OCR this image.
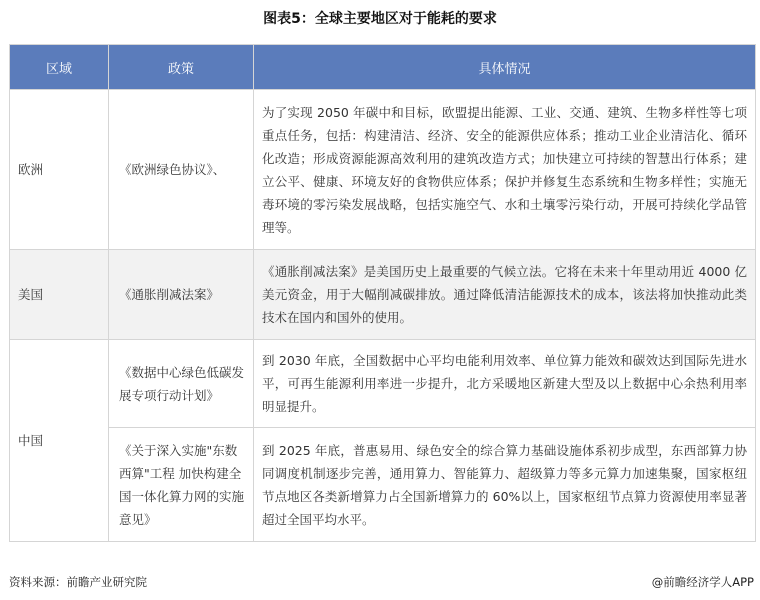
图表5：全球主要地区对于能耗的要求
区域	政策	具体情况
欧洲	《欧洲绿色协议》、	为了实现 2050 年碳中和目标，欧盟提出能源、工业、交通、建筑、生物多样性等七项重点任务，包括：构建清洁、经济、安全的能源供应体系；推动工业企业清洁化、循环化改造；形成资源能源高效利用的建筑改造方式；加快建立可持续的智慧出行体系；建立公平、健康、环境友好的食物供应体系；保护并修复生态系统和生物多样性；实施无毒环境的零污染发展战略，包括实施空气、水和土壤零污染行动，开展可持续化学品管理等。
美国	《通胀削减法案》	《通胀削减法案》是美国历史上最重要的气候立法。它将在未来十年里动用近 4000 亿美元资金，用于大幅削减碳排放。通过降低清洁能源技术的成本，该法将加快推动此类技术在国内和国外的使用。
中国	《数据中心绿色低碳发展专项行动计划》	到 2030 年底，全国数据中心平均电能利用效率、单位算力能效和碳效达到国际先进水平，可再生能源利用率进一步提升，北方采暖地区新建大型及以上数据中心余热利用率明显提升。
	《关于深入实施"东数西算"工程 加快构建全国一体化算力网的实施意见》	到 2025 年底，普惠易用、绿色安全的综合算力基础设施体系初步成型，东西部算力协同调度机制逐步完善，通用算力、智能算力、超级算力等多元算力加速集聚，国家枢纽节点地区各类新增算力占全国新增算力的 60%以上，国家枢纽节点算力资源使用率显著超过全国平均水平。
资料来源：前瞻产业研究院	@前瞻经济学人APP
